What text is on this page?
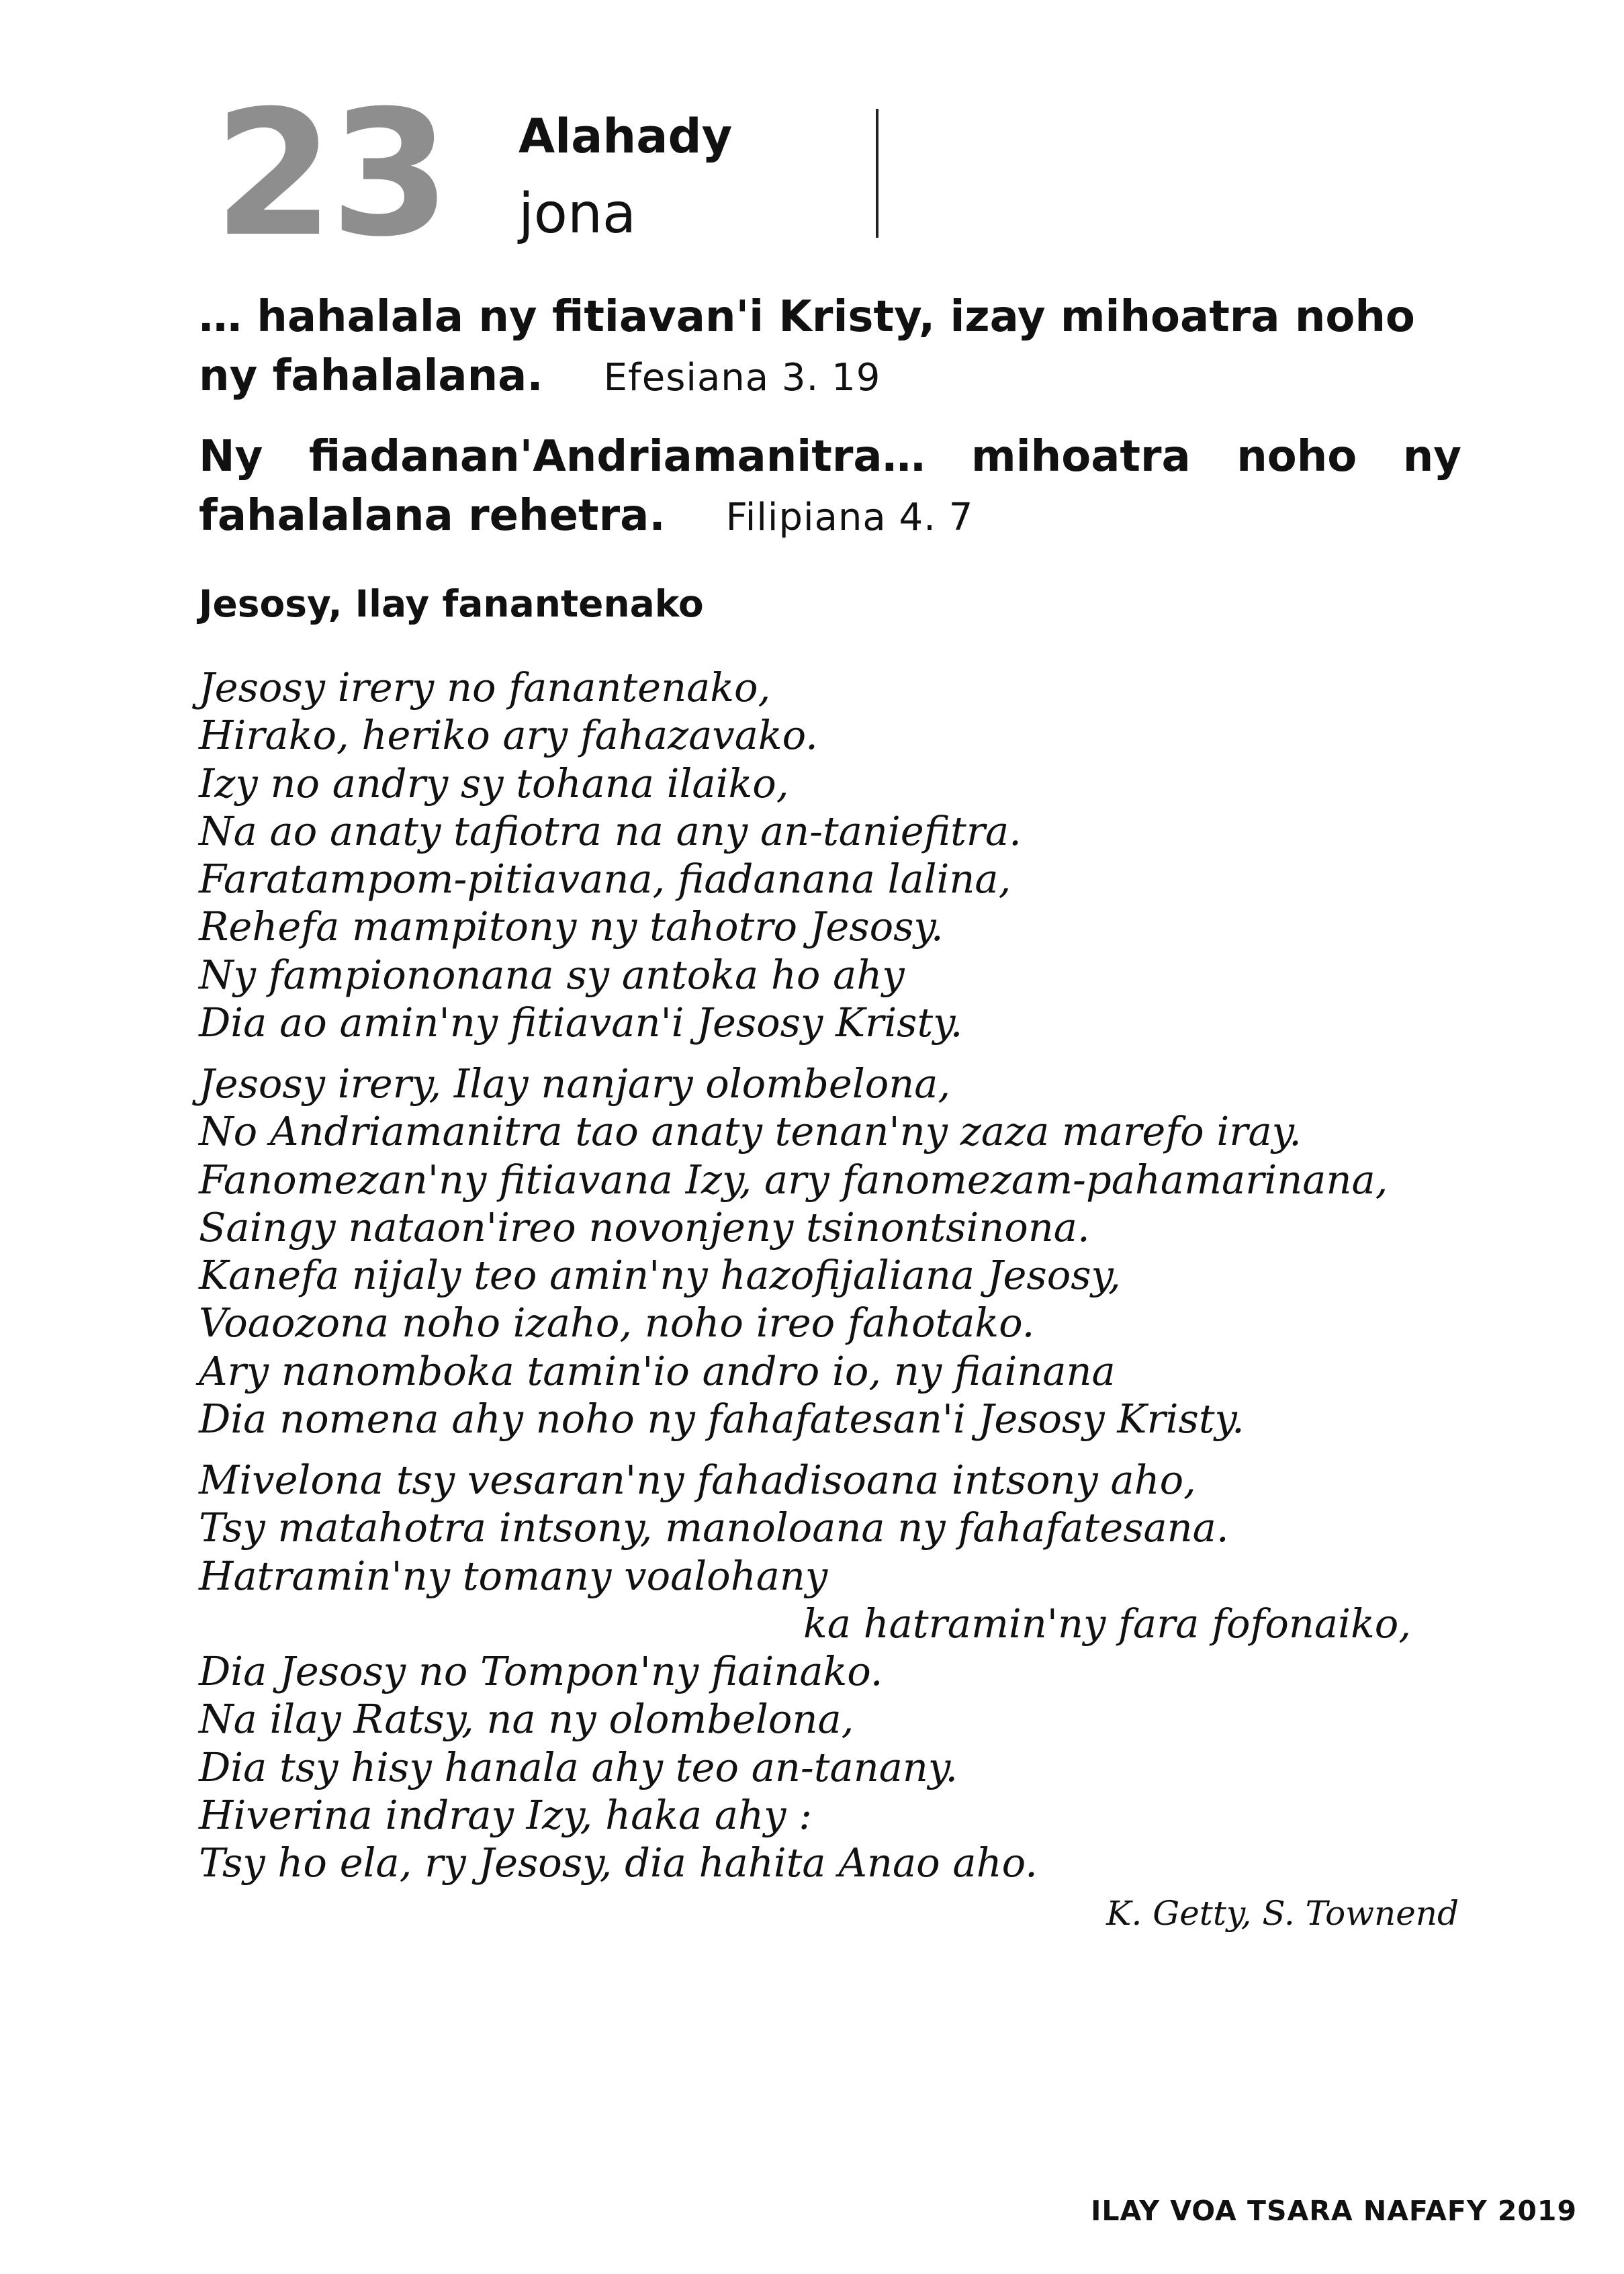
23 Alahady
jona
… hahalala ny fitiavan'i Kristy, izay mihoatra noho
ny fahalalana. Efesiana 3. 19
Ny fiadanan'Andriamanitra… mihoatra noho ny
fahalalana rehetra. Filipiana 4. 7
Jesosy, Ilay fanantenako
Jesosy irery no fanantenako,
Hirako, heriko ary fahazavako.
Izy no andry sy tohana ilaiko,
Na ao anaty tafiotra na any an-taniefitra.
Faratampom-pitiavana, fiadanana lalina,
Rehefa mampitony ny tahotro Jesosy.
Ny fampiononana sy antoka ho ahy
Dia ao amin'ny fitiavan'i Jesosy Kristy.
Jesosy irery, Ilay nanjary olombelona,
No Andriamanitra tao anaty tenan'ny zaza marefo iray.
Fanomezan'ny fitiavana Izy, ary fanomezam-pahamarinana,
Saingy nataon'ireo novonjeny tsinontsinona.
Kanefa nijaly teo amin'ny hazofijaliana Jesosy,
Voaozona noho izaho, noho ireo fahotako.
Ary nanomboka tamin'io andro io, ny fiainana
Dia nomena ahy noho ny fahafatesan'i Jesosy Kristy.
Mivelona tsy vesaran'ny fahadisoana intsony aho,
Tsy matahotra intsony, manoloana ny fahafatesana.
Hatramin'ny tomany voalohany
ka hatramin'ny fara fofonaiko,
Dia Jesosy no Tompon'ny fiainako.
Na ilay Ratsy, na ny olombelona,
Dia tsy hisy hanala ahy teo an-tanany.
Hiverina indray Izy, haka ahy :
Tsy ho ela, ry Jesosy, dia hahita Anao aho.
K. Getty, S. Townend
ILAY VOA TSARA NAFAFY 2019
